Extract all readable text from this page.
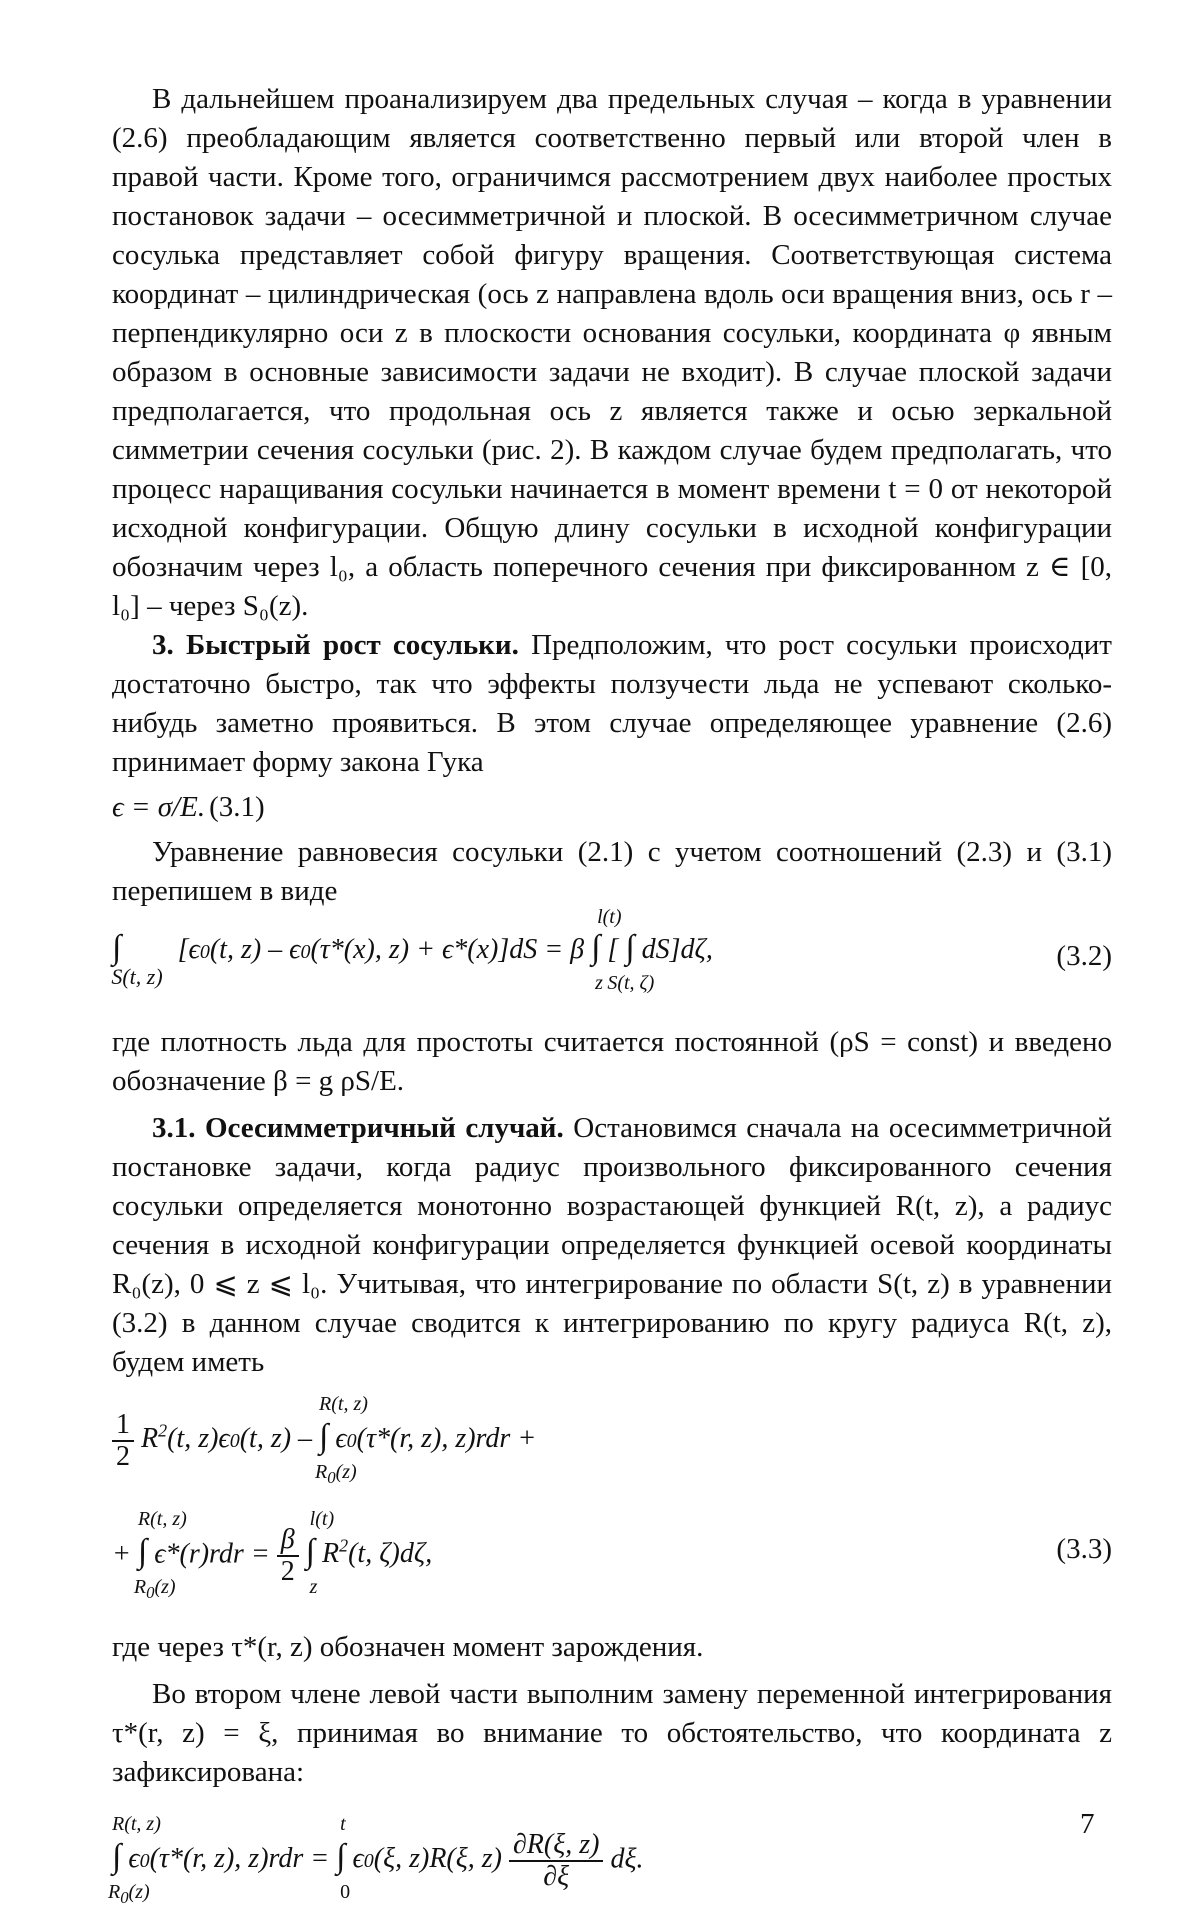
В дальнейшем проанализируем два предельных случая – когда в уравнении (2.6) преобладающим является соответственно первый или второй член в правой части. Кроме того, ограничимся рассмотрением двух наиболее простых постановок задачи – осесимметричной и плоской. В осесимметричном случае сосулька представляет собой фигуру вращения. Соответствующая система координат – цилиндрическая (ось z направлена вдоль оси вращения вниз, ось r – перпендикулярно оси z в плоскости основания сосульки, координата φ явным образом в основные зависимости задачи не входит). В случае плоской задачи предполагается, что продольная ось z является также и осью зеркальной симметрии сечения сосульки (рис. 2). В каждом случае будем предполагать, что процесс наращивания сосульки начинается в момент времени t = 0 от некоторой исходной конфигурации. Общую длину сосульки в исходной конфигурации обозначим через l₀, а область поперечного сечения при фиксированном z ∈ [0, l₀] – через S₀(z).

3. Быстрый рост сосульки. Предположим, что рост сосульки происходит достаточно быстро, так что эффекты ползучести льда не успевают сколько-нибудь заметно проявиться. В этом случае определяющее уравнение (2.6) принимает форму закона Гука

ϵ = σ/E. (3.1)

Уравнение равновесия сосульки (2.1) с учетом соотношений (2.3) и (3.1) перепишем в виде

$\int_{S(t, z)}$ [ϵ0(t, z) – ϵ0(τ*(x), z) + ϵ*(x)]dS = β
l(t)
∫
z
[ ∫
S(t, ζ)
dS]dζ,	(3.2)

где плотность льда для простоты считается постоянной (ρS = const) и введено обозначение β = g ρS/E.

3.1. Осесимметричный случай. Остановимся сначала на осесимметричной постановке задачи, когда радиус произвольного фиксированного сечения сосульки определяется монотонно возрастающей функцией R(t, z), а радиус сечения в исходной конфигурации определяется функцией осевой координаты R₀(z), 0 ⩽ z ⩽ l₀. Учитывая, что интегрирование по области S(t, z) в уравнении (3.2) в данном случае сводится к интегрированию по кругу радиуса R(t, z), будем иметь

$\frac{1}{2} R^2(t$, z)ϵ0(t, z) –
R(t, z)
∫
$R_0(z)$
ϵ0(τ*(r, z), z)rdr +
+
R(t, z)
∫
$R_0(z)$
$\epsilon*(r)rdr = \frac{\beta}{2}$

l(t)
∫
z
$R^2(t$, ζ)dζ,	(3.3)

где через τ*(r, z) обозначен момент зарождения.

Во втором члене левой части выполним замену переменной интегрирования τ*(r, z) = ξ, принимая во внимание то обстоятельство, что координата z зафиксирована:

R(t, z)
∫
$R_0(z)$
ϵ0(τ*(r, z), z)rdr =
t
∫
0
ϵ0(ξ, z)R(ξ, $z) \frac{\partial R(\xi, z)}{\partial\xi} d\xi$.
7
